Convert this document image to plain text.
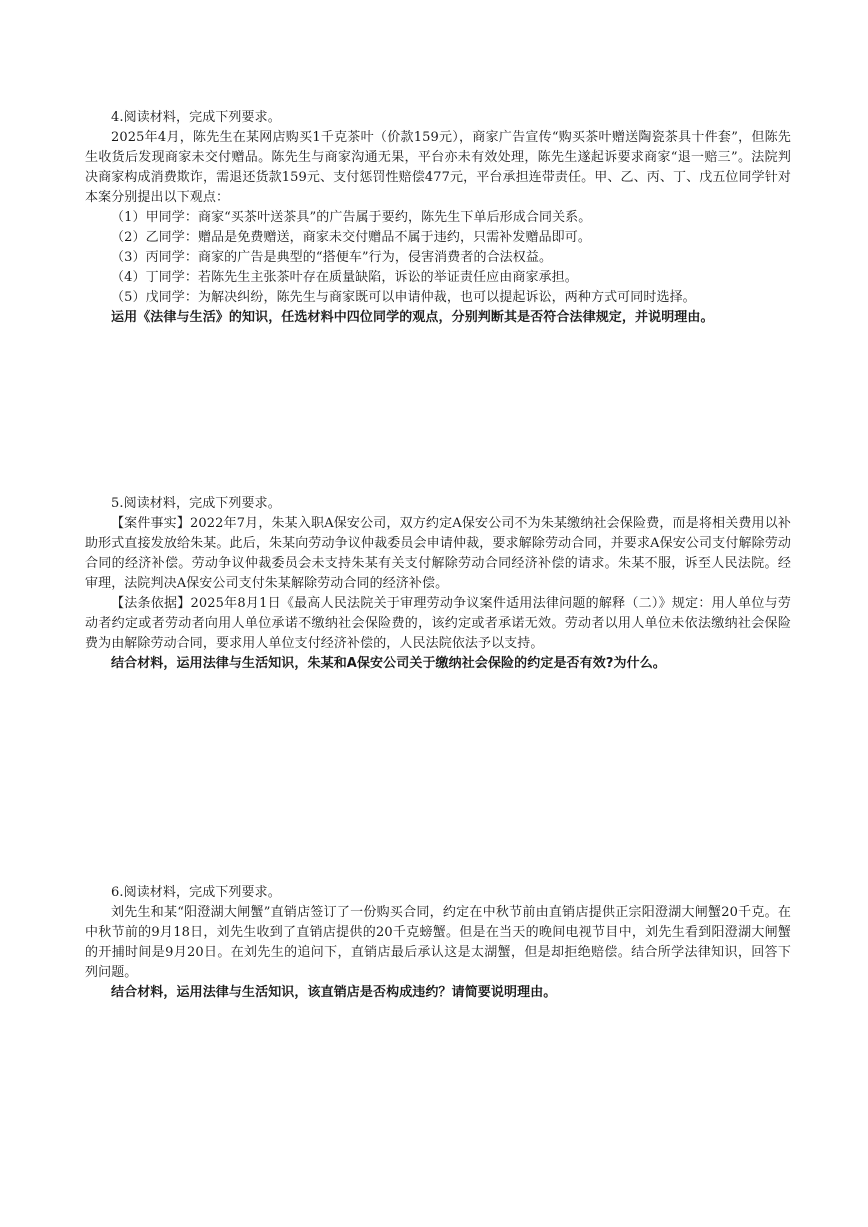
4.阅读材料，完成下列要求。

2025年4月，陈先生在某网店购买1千克茶叶（价款159元），商家广告宣传“购买茶叶赠送陶瓷茶具十件套”，但陈先生收货后发现商家未交付赠品。陈先生与商家沟通无果，平台亦未有效处理，陈先生遂起诉要求商家“退一赔三”。法院判决商家构成消费欺诈，需退还货款159元、支付惩罚性赔偿477元，平台承担连带责任。甲、乙、丙、丁、戊五位同学针对本案分别提出以下观点：

（1）甲同学：商家“买茶叶送茶具”的广告属于要约，陈先生下单后形成合同关系。

（2）乙同学：赠品是免费赠送，商家未交付赠品不属于违约，只需补发赠品即可。

（3）丙同学：商家的广告是典型的“搭便车”行为，侵害消费者的合法权益。

（4）丁同学：若陈先生主张茶叶存在质量缺陷，诉讼的举证责任应由商家承担。

（5）戊同学：为解决纠纷，陈先生与商家既可以申请仲裁，也可以提起诉讼，两种方式可同时选择。

运用《法律与生活》的知识，任选材料中四位同学的观点，分别判断其是否符合法律规定，并说明理由。

5.阅读材料，完成下列要求。

【案件事实】2022年7月，朱某入职A保安公司，双方约定A保安公司不为朱某缴纳社会保险费，而是将相关费用以补助形式直接发放给朱某。此后，朱某向劳动争议仲裁委员会申请仲裁，要求解除劳动合同，并要求A保安公司支付解除劳动合同的经济补偿。劳动争议仲裁委员会未支持朱某有关支付解除劳动合同经济补偿的请求。朱某不服，诉至人民法院。经审理，法院判决A保安公司支付朱某解除劳动合同的经济补偿。

【法条依据】2025年8月1日《最高人民法院关于审理劳动争议案件适用法律问题的解释（二）》规定：用人单位与劳动者约定或者劳动者向用人单位承诺不缴纳社会保险费的，该约定或者承诺无效。劳动者以用人单位未依法缴纳社会保险费为由解除劳动合同，要求用人单位支付经济补偿的，人民法院依法予以支持。

结合材料，运用法律与生活知识，朱某和A保安公司关于缴纳社会保险的约定是否有效?为什么。

6.阅读材料，完成下列要求。

刘先生和某“阳澄湖大闸蟹”直销店签订了一份购买合同，约定在中秋节前由直销店提供正宗阳澄湖大闸蟹20千克。在中秋节前的9月18日，刘先生收到了直销店提供的20千克螃蟹。但是在当天的晚间电视节目中，刘先生看到阳澄湖大闸蟹的开捕时间是9月20日。在刘先生的追问下，直销店最后承认这是太湖蟹，但是却拒绝赔偿。结合所学法律知识，回答下列问题。

结合材料，运用法律与生活知识，该直销店是否构成违约？请简要说明理由。
